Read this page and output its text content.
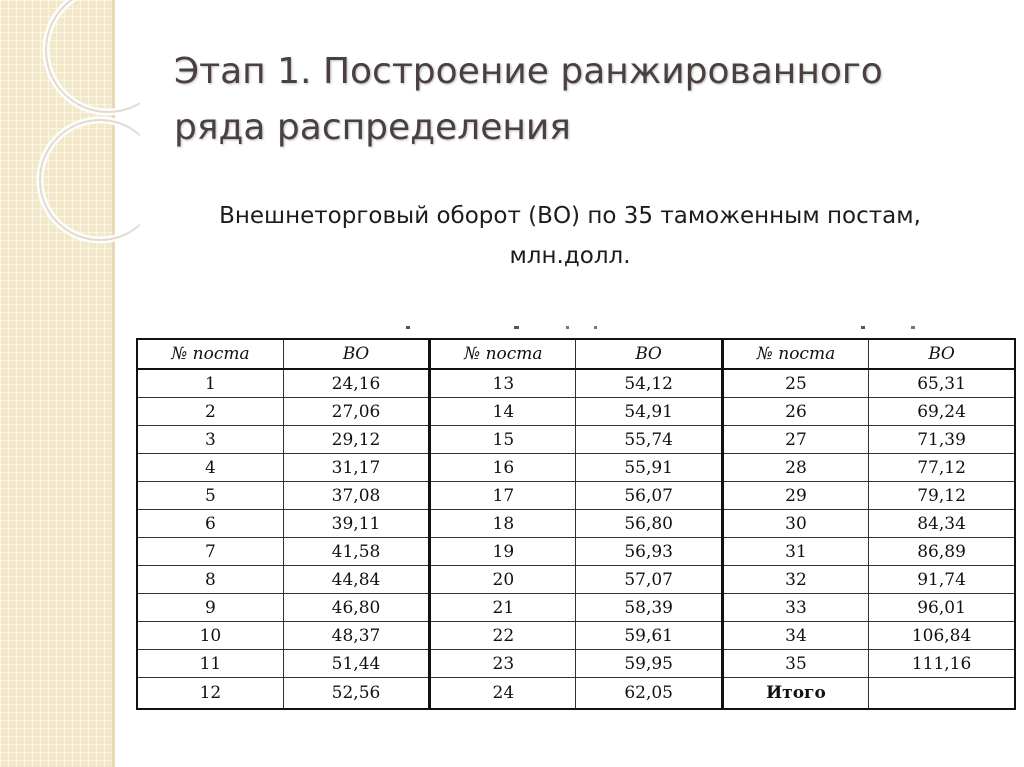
Этап 1. Построение ранжированного ряда распределения
Внешнеторговый оборот (ВО) по 35 таможенным постам,
млн.долл.
№ поста	ВО	№ поста	ВО	№ поста	ВО
1	24,16	13	54,12	25	65,31
2	27,06	14	54,91	26	69,24
3	29,12	15	55,74	27	71,39
4	31,17	16	55,91	28	77,12
5	37,08	17	56,07	29	79,12
6	39,11	18	56,80	30	84,34
7	41,58	19	56,93	31	86,89
8	44,84	20	57,07	32	91,74
9	46,80	21	58,39	33	96,01
10	48,37	22	59,61	34	106,84
11	51,44	23	59,95	35	111,16
12	52,56	24	62,05	Итого	
